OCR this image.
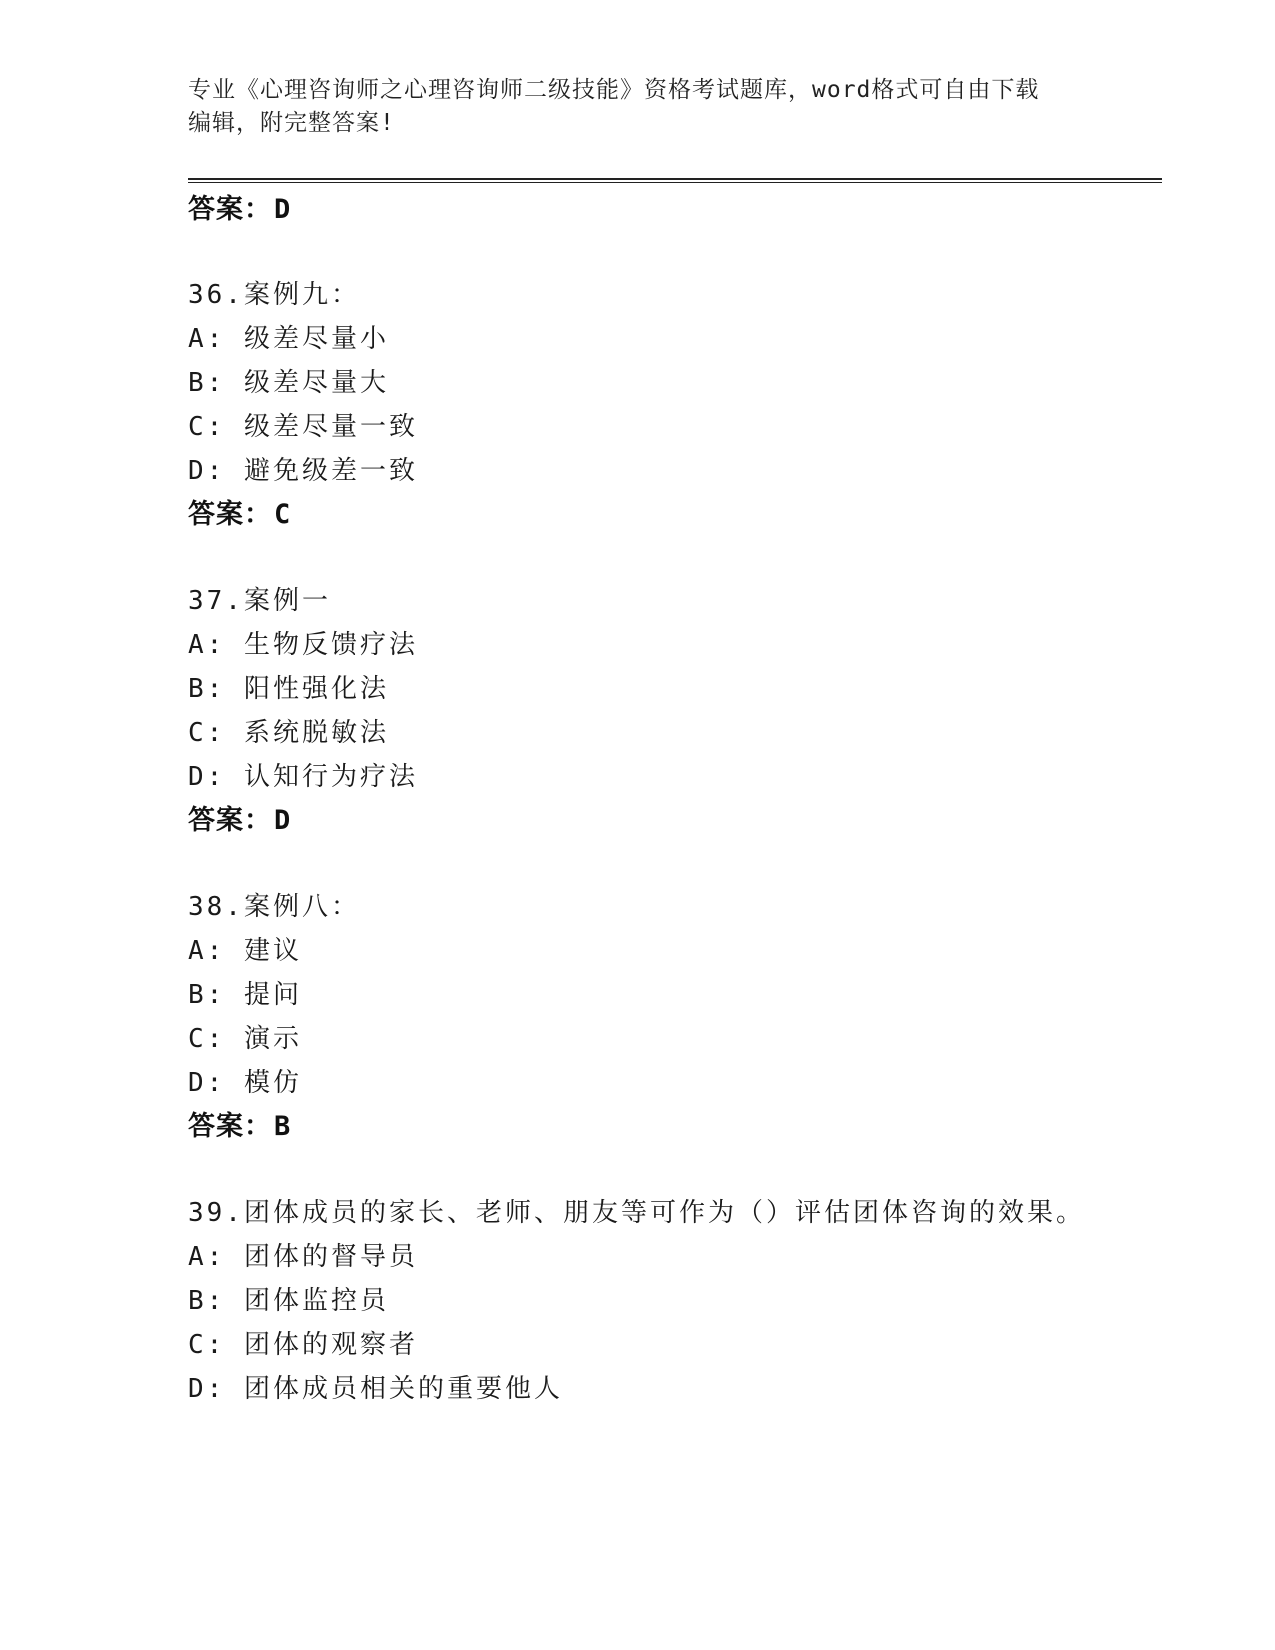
专业《心理咨询师之心理咨询师二级技能》资格考试题库，word格式可自由下载
编辑，附完整答案!
答案：D
36.案例九：
A: 级差尽量小
B: 级差尽量大
C: 级差尽量一致
D: 避免级差一致
答案：C
37.案例一
A: 生物反馈疗法
B: 阳性强化法
C: 系统脱敏法
D: 认知行为疗法
答案：D
38.案例八：
A: 建议
B: 提问
C: 演示
D: 模仿
答案：B
39.团体成员的家长、老师、朋友等可作为（）评估团体咨询的效果。
A: 团体的督导员
B: 团体监控员
C: 团体的观察者
D: 团体成员相关的重要他人
